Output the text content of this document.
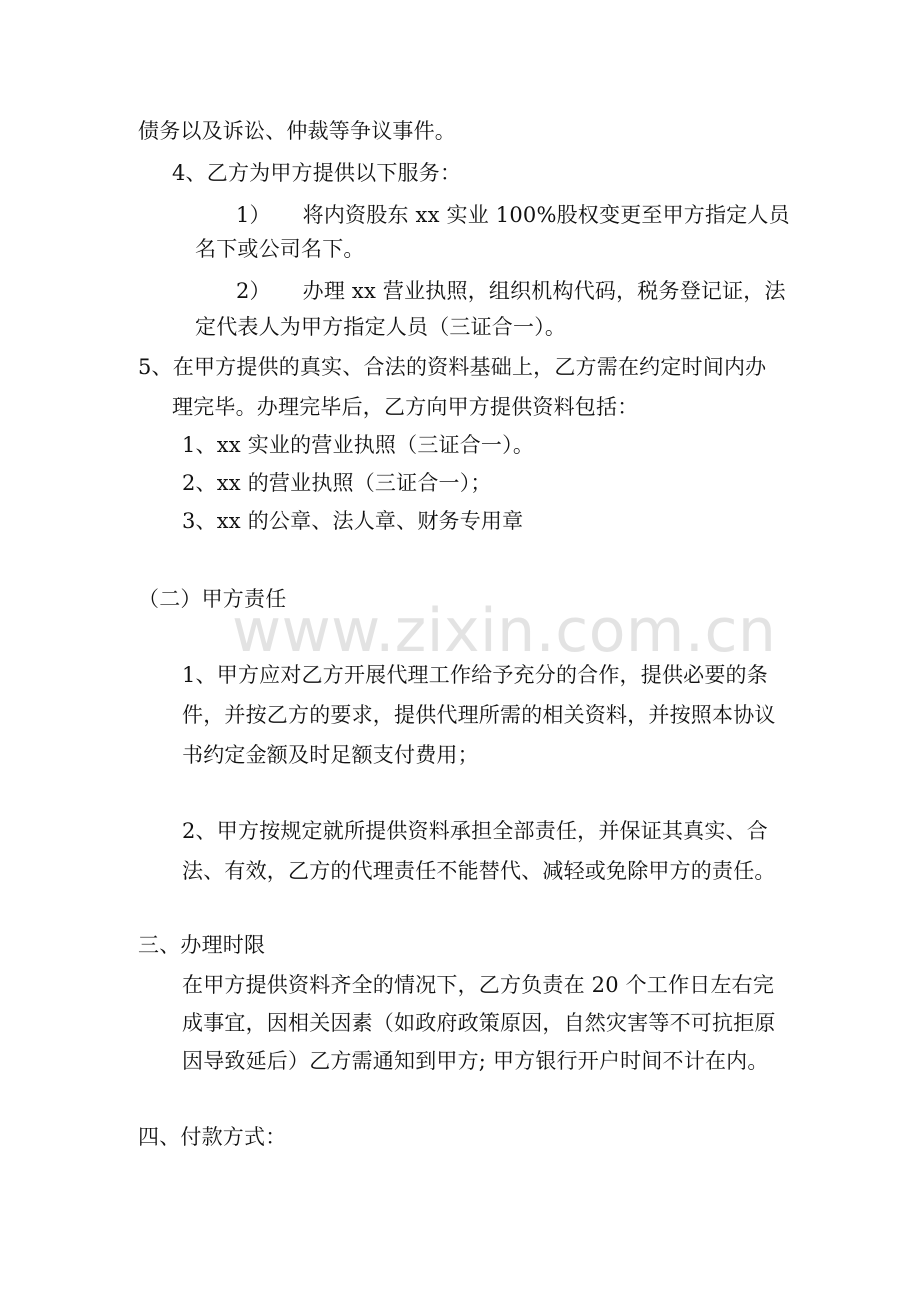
www.zixin.com.cn
债务以及诉讼、仲裁等争议事件。
4、乙方为甲方提供以下服务：
1）　　将内资股东 xx 实业 100%股权变更至甲方指定人员
名下或公司名下。
2）　　办理 xx 营业执照，组织机构代码，税务登记证，法
定代表人为甲方指定人员（三证合一）。
5、在甲方提供的真实、合法的资料基础上，乙方需在约定时间内办
理完毕。办理完毕后，乙方向甲方提供资料包括：
1、xx 实业的营业执照（三证合一）。
2、xx 的营业执照（三证合一）；
3、xx 的公章、法人章、财务专用章
（二）甲方责任
1、甲方应对乙方开展代理工作给予充分的合作，提供必要的条
件，并按乙方的要求，提供代理所需的相关资料，并按照本协议
书约定金额及时足额支付费用；
2、甲方按规定就所提供资料承担全部责任，并保证其真实、合
法、有效，乙方的代理责任不能替代、减轻或免除甲方的责任。
三、办理时限
在甲方提供资料齐全的情况下，乙方负责在 20 个工作日左右完
成事宜，因相关因素（如政府政策原因，自然灾害等不可抗拒原
因导致延后）乙方需通知到甲方; 甲方银行开户时间不计在内。
四、付款方式：
